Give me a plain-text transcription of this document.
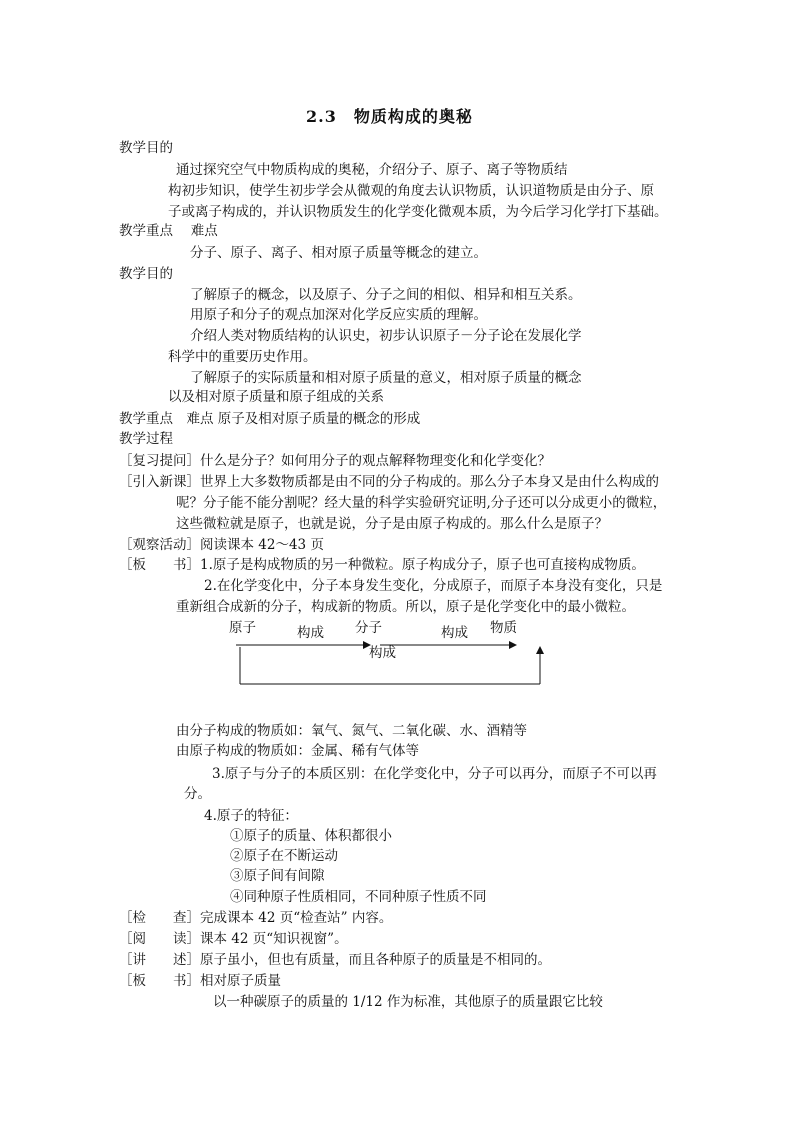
2.3　物质构成的奥秘
教学目的
通过探究空气中物质构成的奥秘，介绍分子、原子、离子等物质结
构初步知识，使学生初步学会从微观的角度去认识物质，认识道物质是由分子、原
子或离子构成的，并认识物质发生的化学变化微观本质，为今后学习化学打下基础。
教学重点　 难点
分子、原子、离子、相对原子质量等概念的建立。
教学目的
了解原子的概念，以及原子、分子之间的相似、相异和相互关系。
用原子和分子的观点加深对化学反应实质的理解。
介绍人类对物质结构的认识史，初步认识原子－分子论在发展化学
科学中的重要历史作用。
了解原子的实际质量和相对原子质量的意义，相对原子质量的概念
以及相对原子质量和原子组成的关系
教学重点　难点 原子及相对原子质量的概念的形成
教学过程
［复习提问］什么是分子？如何用分子的观点解释物理变化和化学变化？
［引入新课］世界上大多数物质都是由不同的分子构成的。那么分子本身又是由什么构成的
呢？分子能不能分割呢？经大量的科学实验研究证明,分子还可以分成更小的微粒，
这些微粒就是原子，也就是说，分子是由原子构成的。那么什么是原子？
［观察活动］阅读课本 42～43 页
［板　　书］1.原子是构成物质的另一种微粒。原子构成分子，原子也可直接构成物质。
2.在化学变化中，分子本身发生变化，分成原子，而原子本身没有变化，只是
重新组合成新的分子，构成新的物质。所以，原子是化学变化中的最小微粒。
原子	构成 分子	构成 物质
构成
由分子构成的物质如：氧气、氮气、二氧化碳、水、酒精等
由原子构成的物质如：金属、稀有气体等
3.原子与分子的本质区别：在化学变化中，分子可以再分，而原子不可以再
分。
4.原子的特征：
①原子的质量、体积都很小
②原子在不断运动
③原子间有间隙
④同种原子性质相同，不同种原子性质不同
［检　　查］完成课本 42 页“检查站” 内容。
［阅　　读］课本 42 页“知识视窗”。
［讲　　述］原子虽小，但也有质量，而且各种原子的质量是不相同的。
［板　　书］相对原子质量
以一种碳原子的质量的 1/12 作为标准，其他原子的质量跟它比较
